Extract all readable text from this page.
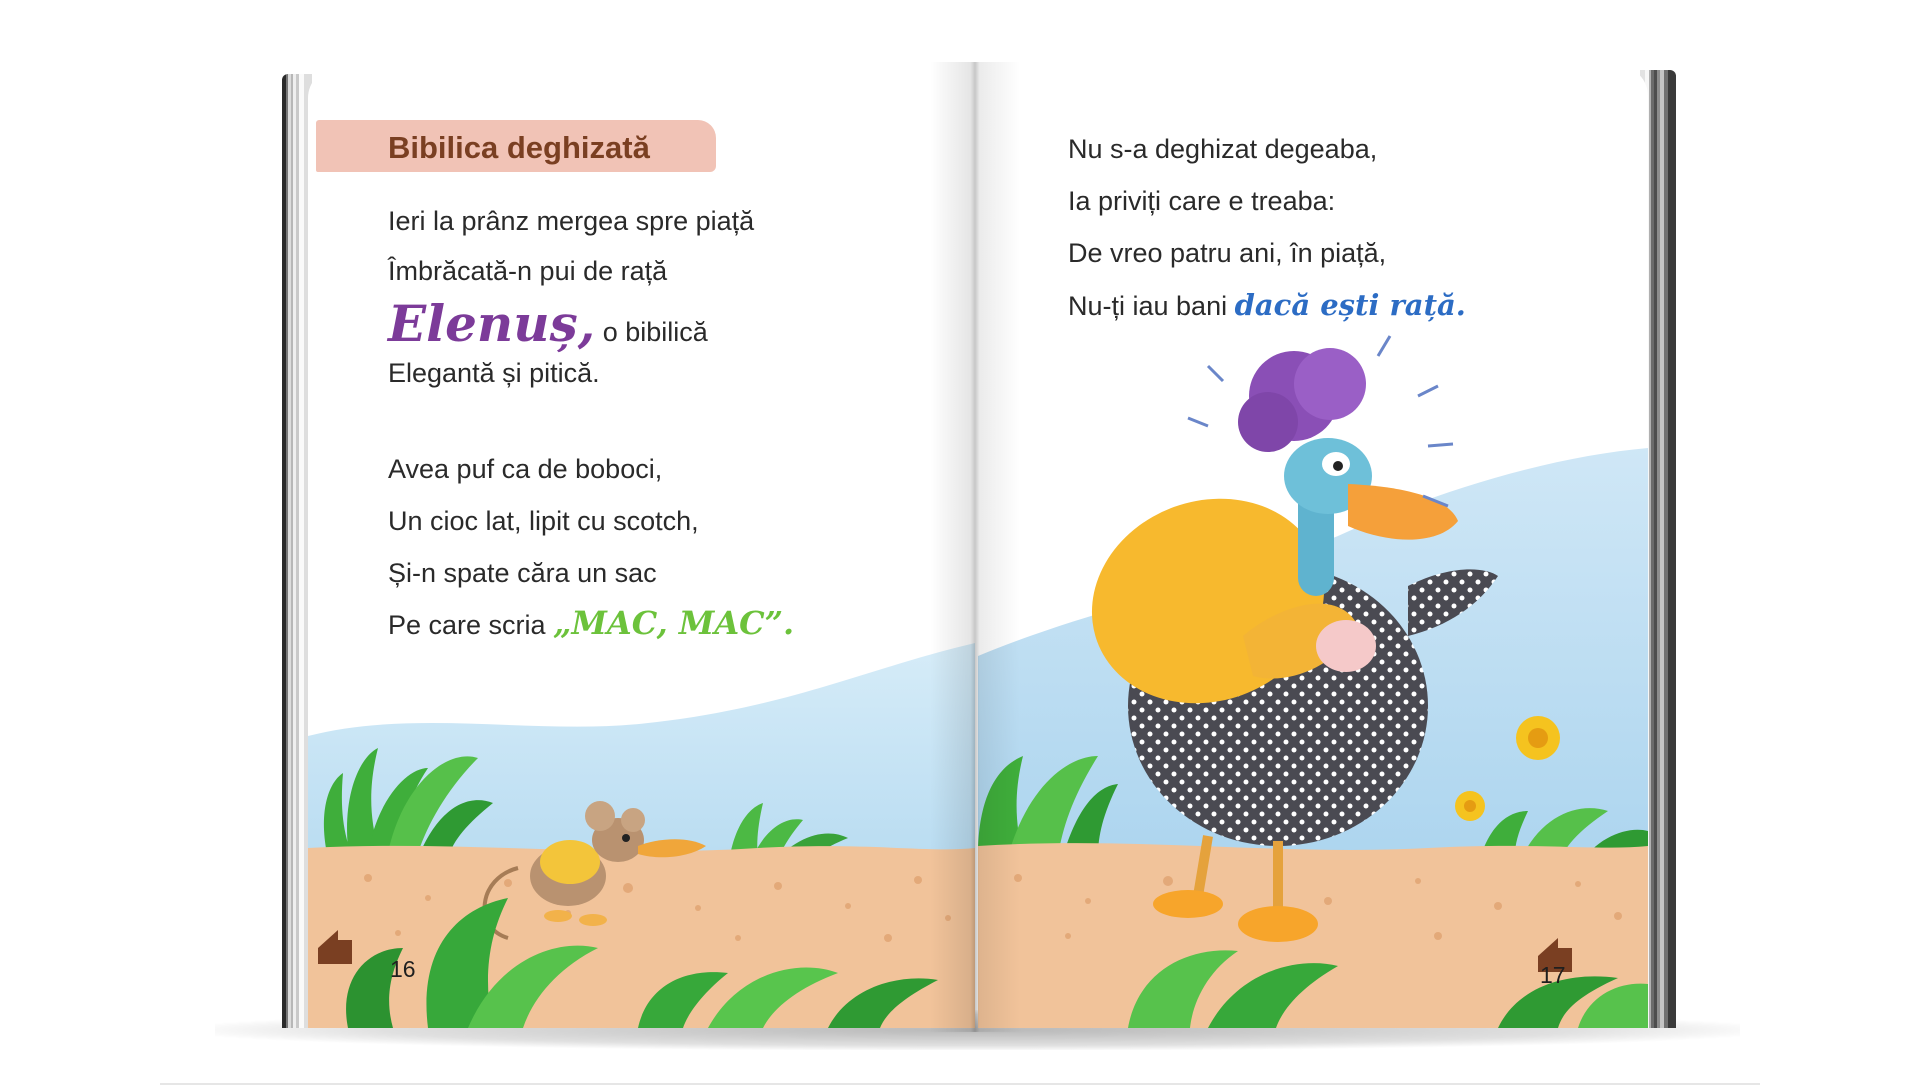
Bibilica deghizată
Ieri la prânz mergea spre piață
Îmbrăcată-n pui de rață
Elenuș, o bibilică
Elegantă și pitică.
Avea puf ca de boboci,
Un cioc lat, lipit cu scotch,
Și-n spate căra un sac
Pe care scria „MAC, MAC”.
16
Nu s-a deghizat degeaba,
Ia priviți care e treaba:
De vreo patru ani, în piață,
Nu-ți iau bani dacă ești rață.
17
